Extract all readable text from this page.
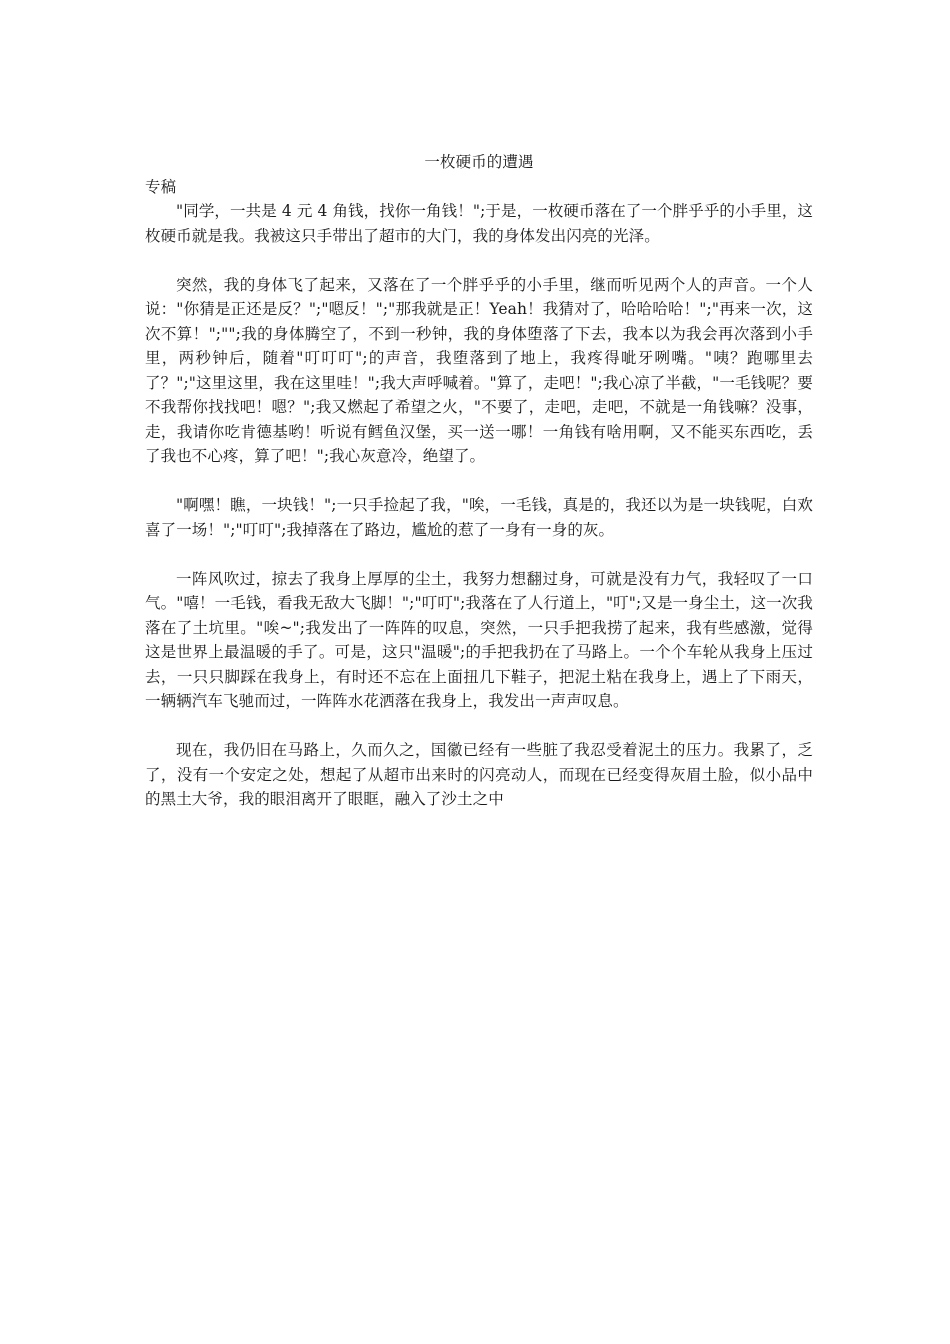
一枚硬币的遭遇

专稿

"同学，一共是 4 元 4 角钱，找你一角钱！";于是，一枚硬币落在了一个胖乎乎的小手里，这枚硬币就是我。我被这只手带出了超市的大门，我的身体发出闪亮的光泽。

突然，我的身体飞了起来，又落在了一个胖乎乎的小手里，继而听见两个人的声音。一个人说："你猜是正还是反？";"嗯反！";"那我就是正！Yeah！我猜对了，哈哈哈哈！";"再来一次，这次不算！";"";我的身体腾空了，不到一秒钟，我的身体堕落了下去，我本以为我会再次落到小手里，两秒钟后，随着"叮叮叮";的声音，我堕落到了地上，我疼得呲牙咧嘴。"咦？跑哪里去了？";"这里这里，我在这里哇！";我大声呼喊着。"算了，走吧！";我心凉了半截，"一毛钱呢？要不我帮你找找吧！嗯？";我又燃起了希望之火，"不要了，走吧，走吧，不就是一角钱嘛？没事，走，我请你吃肯德基哟！听说有鳕鱼汉堡，买一送一哪！一角钱有啥用啊，又不能买东西吃，丢了我也不心疼，算了吧！";我心灰意冷，绝望了。

"啊嘿！瞧，一块钱！";一只手捡起了我，"唉，一毛钱，真是的，我还以为是一块钱呢，白欢喜了一场！";"叮叮";我掉落在了路边，尴尬的惹了一身有一身的灰。

一阵风吹过，掠去了我身上厚厚的尘土，我努力想翻过身，可就是没有力气，我轻叹了一口气。"嘻！一毛钱，看我无敌大飞脚！";"叮叮";我落在了人行道上，"叮";又是一身尘土，这一次我落在了土坑里。"唉~";我发出了一阵阵的叹息，突然，一只手把我捞了起来，我有些感激，觉得这是世界上最温暖的手了。可是，这只"温暖";的手把我扔在了马路上。一个个车轮从我身上压过去，一只只脚踩在我身上，有时还不忘在上面扭几下鞋子，把泥土粘在我身上，遇上了下雨天，一辆辆汽车飞驰而过，一阵阵水花洒落在我身上，我发出一声声叹息。

现在，我仍旧在马路上，久而久之，国徽已经有一些脏了我忍受着泥土的压力。我累了，乏了，没有一个安定之处，想起了从超市出来时的闪亮动人，而现在已经变得灰眉土脸，似小品中的黑土大爷，我的眼泪离开了眼眶，融入了沙土之中
